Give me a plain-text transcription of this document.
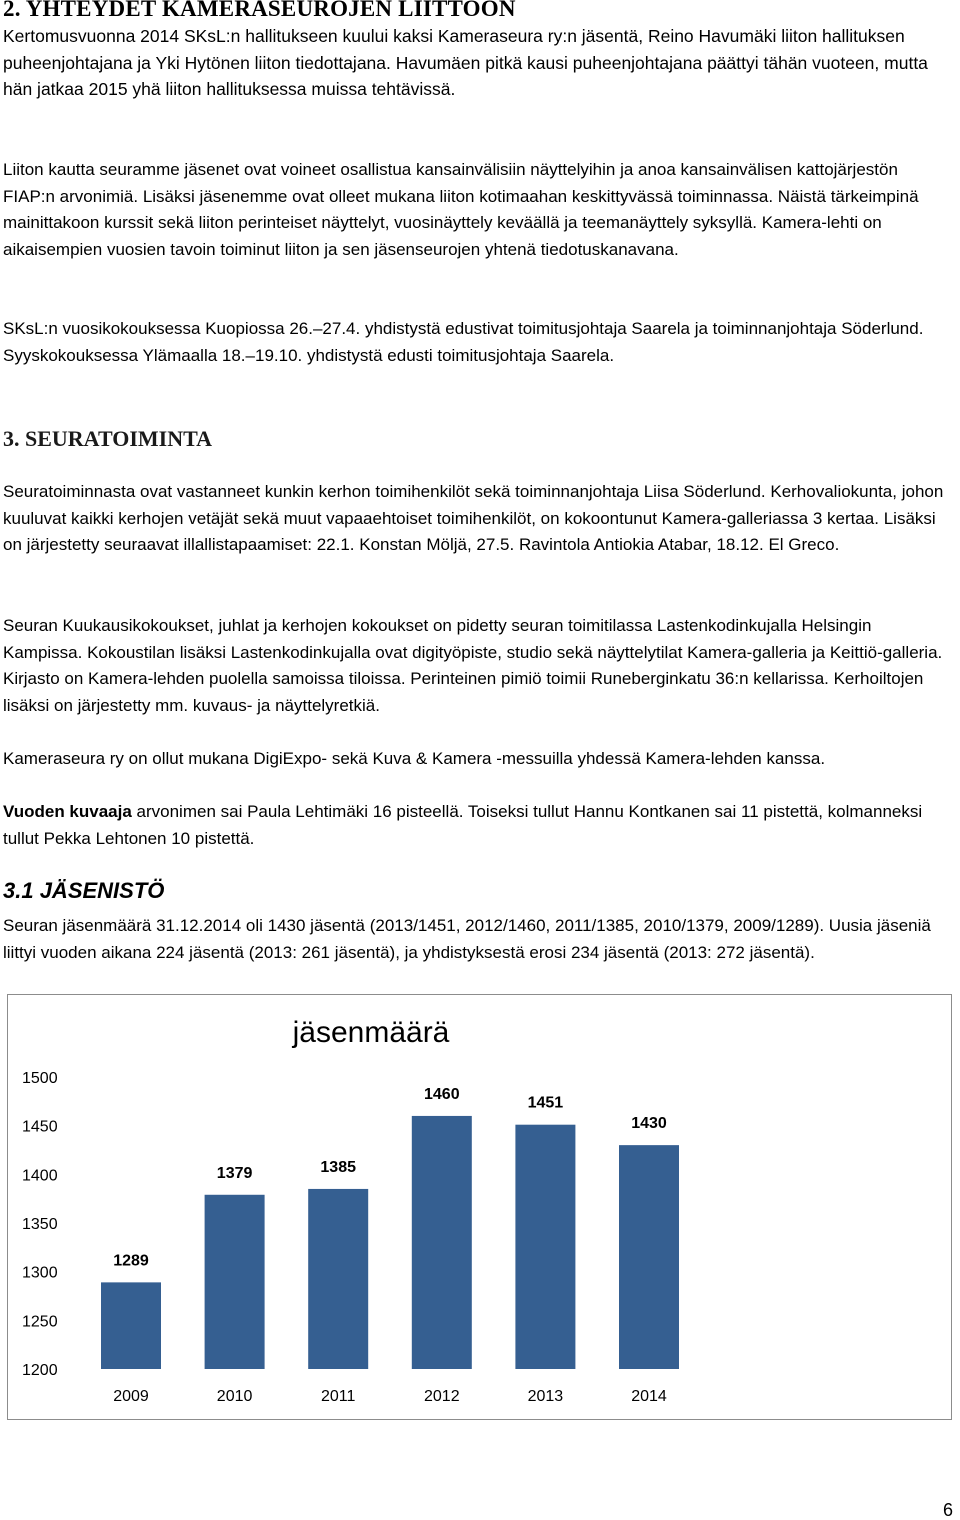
2. YHTEYDET KAMERASEUROJEN LIITTOON

Kertomusvuonna 2014 SKsL:n hallitukseen kuului kaksi Kameraseura ry:n jäsentä, Reino Havumäki liiton hallituksen puheenjohtajana ja Yki Hytönen liiton tiedottajana. Havumäen pitkä kausi puheenjohtajana päättyi tähän vuoteen, mutta hän jatkaa 2015 yhä liiton hallituksessa muissa tehtävissä.

Liiton kautta seuramme jäsenet ovat voineet osallistua kansainvälisiin näyttelyihin ja anoa kansainvälisen kattojärjestön FIAP:n arvonimiä. Lisäksi jäsenemme ovat olleet mukana liiton kotimaahan keskittyvässä toiminnassa. Näistä tärkeimpinä mainittakoon kurssit sekä liiton perinteiset näyttelyt, vuosinäyttely keväällä ja teemanäyttely syksyllä. Kamera-lehti on aikaisempien vuosien tavoin toiminut liiton ja sen jäsenseurojen yhtenä tiedotuskanavana.

SKsL:n vuosikokouksessa Kuopiossa 26.–27.4. yhdistystä edustivat toimitusjohtaja Saarela ja toiminnanjohtaja Söderlund. Syyskokouksessa Ylämaalla 18.–19.10. yhdistystä edusti toimitusjohtaja Saarela.

3. SEURATOIMINTA

Seuratoiminnasta ovat vastanneet kunkin kerhon toimihenkilöt sekä toiminnanjohtaja Liisa Söderlund. Kerhovaliokunta, johon kuuluvat kaikki kerhojen vetäjät sekä muut vapaaehtoiset toimihenkilöt, on kokoontunut Kamera-galleriassa 3 kertaa. Lisäksi on järjestetty seuraavat illallistapaamiset: 22.1. Konstan Möljä, 27.5. Ravintola Antiokia Atabar, 18.12. El Greco.

Seuran Kuukausikokoukset, juhlat ja kerhojen kokoukset on pidetty seuran toimitilassa Lastenkodinkujalla Helsingin Kampissa. Kokoustilan lisäksi Lastenkodinkujalla ovat digityöpiste, studio sekä näyttelytilat Kamera-galleria ja Keittiö-galleria. Kirjasto on Kamera-lehden puolella samoissa tiloissa. Perinteinen pimiö toimii Runeberginkatu 36:n kellarissa. Kerhoiltojen lisäksi on järjestetty mm. kuvaus- ja näyttelyretkiä.

Kameraseura ry on ollut mukana DigiExpo- sekä Kuva & Kamera -messuilla yhdessä Kamera-lehden kanssa.

Vuoden kuvaaja arvonimen sai Paula Lehtimäki 16 pisteellä. Toiseksi tullut Hannu Kontkanen sai 11 pistettä, kolmanneksi tullut Pekka Lehtonen 10 pistettä.

3.1 JÄSENISTÖ

Seuran jäsenmäärä 31.12.2014 oli 1430 jäsentä (2013/1451, 2012/1460, 2011/1385, 2010/1379, 2009/1289). Uusia jäseniä liittyi vuoden aikana 224 jäsentä (2013: 261 jäsentä), ja yhdistyksestä erosi 234 jäsentä (2013: 272 jäsentä).

jäsenmäärä
1200
1250
1300
1350
1400
1450
1500
1289
2009
1379
2010
1385
2011
1460
2012
1451
2013
1430
2014
6
